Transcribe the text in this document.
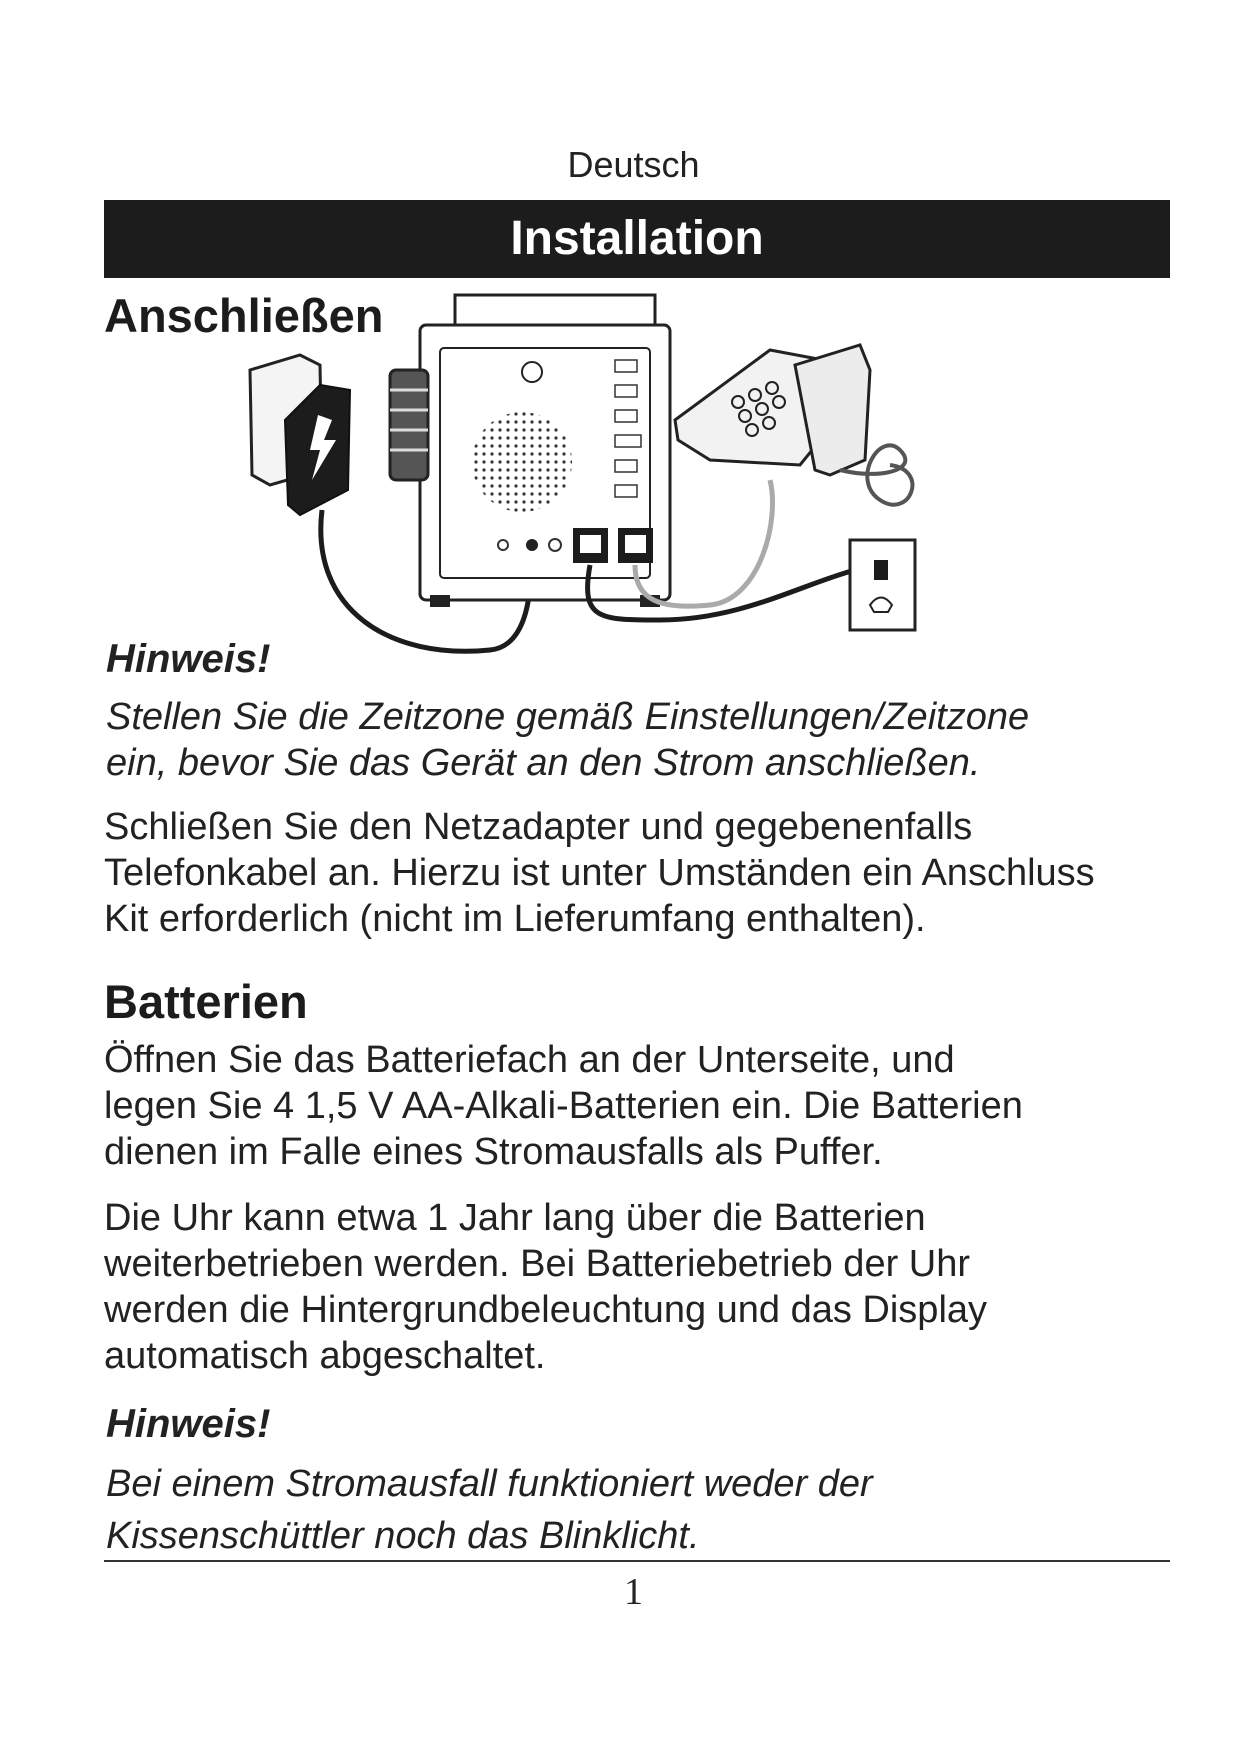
Deutsch
Installation
Anschließen
Hinweis!
Stellen Sie die Zeitzone gemäß Einstellungen/Zeitzone
ein, bevor Sie das Gerät an den Strom anschließen.
Schließen Sie den Netzadapter und gegebenenfalls
Telefonkabel an. Hierzu ist unter Umständen ein Anschluss
Kit erforderlich (nicht im Lieferumfang enthalten).
Batterien
Öffnen Sie das Batteriefach an der Unterseite, und
legen Sie 4 1,5 V AA-Alkali-Batterien ein. Die Batterien
dienen im Falle eines Stromausfalls als Puffer.
Die Uhr kann etwa 1 Jahr lang über die Batterien
weiterbetrieben werden. Bei Batteriebetrieb der Uhr
werden die Hintergrundbeleuchtung und das Display
automatisch abgeschaltet.
Hinweis!
Bei einem Stromausfall funktioniert weder der
Kissenschüttler noch das Blinklicht.
1
